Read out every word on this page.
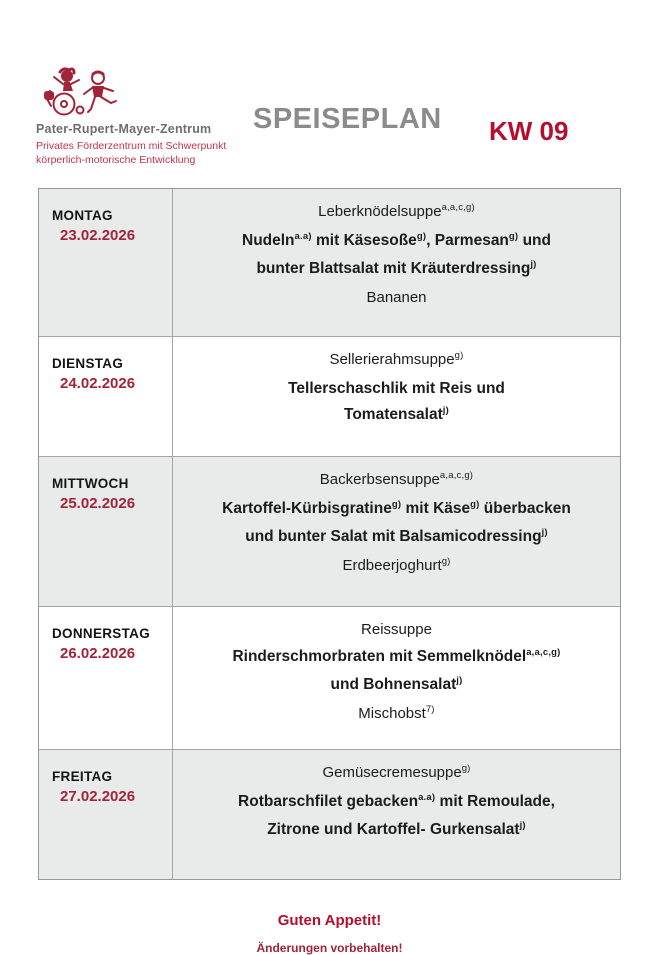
Pater-Rupert-Mayer-Zentrum
Privates Förderzentrum mit Schwerpunkt
körperlich-motorische Entwicklung
SPEISEPLAN KW 09
MONTAG
23.02.2026
Leberknödelsuppe$^{a,a,c,g)}$
Nudeln$^{a.a)}$ mit Käsesoße$^{g)}$, Parmesan$^{g)}$ und
bunter Blattsalat mit Kräuterdressing$^{j)}$
Bananen
DIENSTAG
24.02.2026
Sellerierahmsuppe$^{g)}$
Tellerschaschlik mit Reis und
Tomatensalat$^{j)}$
MITTWOCH
25.02.2026
Backerbsensuppe$^{a,a,c,g)}$
Kartoffel-Kürbisgratine$^{g)}$ mit Käse$^{g)}$ überbacken
und bunter Salat mit Balsamicodressing$^{j)}$
Erdbeerjoghurt$^{g)}$
DONNERSTAG
26.02.2026
Reissuppe
Rinderschmorbraten mit Semmelknödel$^{a,a,c,g)}$
und Bohnensalat$^{j)}$
Mischobst$^{7)}$
FREITAG
27.02.2026
Gemüsecremesuppe$^{g)}$
Rotbarschfilet gebacken$^{a.a)}$ mit Remoulade,
Zitrone und Kartoffel- Gurkensalat$^{j)}$
Guten Appetit!
Änderungen vorbehalten!
